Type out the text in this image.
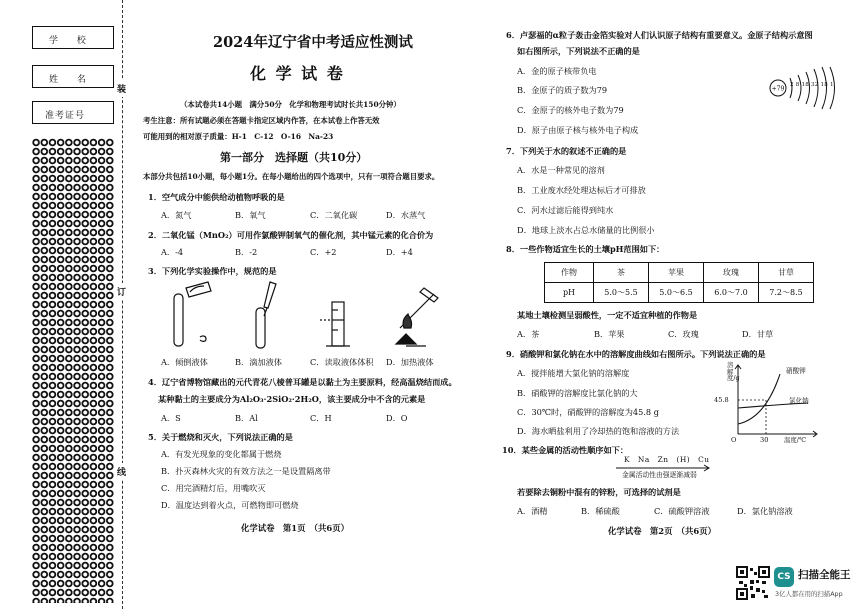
学 校
姓 名
准考证号
装
订
线
2024年辽宁省中考适应性测试
化 学 试 卷
（本试卷共14小题　满分50分　化学和物理考试时长共150分钟）
考生注意：所有试题必须在答题卡指定区域内作答，在本试卷上作答无效
可能用到的相对原子质量：H-1　C-12　O-16　Na-23
第一部分　选择题（共10分）
本部分共包括10小题，每小题1分。在每小题给出的四个选项中，只有一项符合题目要求。
1．空气成分中能供给动植物呼吸的是
A．氮气	B．氧气	C．二氧化碳	D．水蒸气
2．二氧化锰（MnO₂）可用作氯酸钾制氧气的催化剂，其中锰元素的化合价为
A．-4	B．-2	C．+2	D．+4
3．下列化学实验操作中，规范的是
A．倾倒液体	B．滴加液体	C．读取液体体积 D．加热液体
4．辽宁省博物馆藏出的元代青花八棱普耳罐是以黏土为主要原料，经高温烧结而成。
某种黏土的主要成分为Al₂O₃·2SiO₂·2H₂O，该主要成分中不含的元素是
A．S	B．Al	C．H	D．O
5．关于燃烧和灭火，下列说法正确的是
A．有发光现象的变化都属于燃烧
B．扑灭森林火灾的有效方法之一是设置隔离带
C．用完酒精灯后，用嘴吹灭
D．温度达到着火点，可燃物即可燃烧
化学试卷　第1页　（共6页）
6．卢瑟福的α粒子轰击金箔实验对人们认识原子结构有重要意义。金原子结构示意图
如右图所示，下列说法不正确的是
A．金的原子核带负电
B．金原子的质子数为79
C．金原子的核外电子数为79
D．原子由原子核与核外电子构成
+79
2 8 18 32 18 1
7．下列关于水的叙述不正确的是
A．水是一种常见的溶剂
B．工业废水经处理达标后才可排放
C．河水过滤后能得到纯水
D．地球上淡水占总水储量的比例很小
8．一些作物适宜生长的土壤pH范围如下：
作物	茶	苹果	玫瑰	甘草
pH	5.0～5.5	5.0～6.5	6.0～7.0	7.2～8.5
某地土壤检测呈弱酸性，一定不适宜种植的作物是
A．茶	B．苹果	C．玫瑰	D．甘草
9．硝酸钾和氯化钠在水中的溶解度曲线如右图所示。下列说法正确的是
A．搅拌能增大氯化钠的溶解度
B．硝酸钾的溶解度比氯化钠的大
C．30℃时，硝酸钾的溶解度为45.8 g
D．海水晒盐利用了冷却热的饱和溶液的方法
溶解度/g
45.8
30
O	温度/℃
硝酸钾
氯化钠
10．某些金属的活动性顺序如下：
K　Na　Zn　(H)　Cu
金属活动性由强逐渐减弱
若要除去铜粉中混有的锌粉，可选择的试剂是
A．酒精	B．稀硫酸	C．硫酸钾溶液	D．氯化钠溶液
化学试卷　第2页　（共6页）
CS 扫描全能王
3亿人都在用的扫描App
